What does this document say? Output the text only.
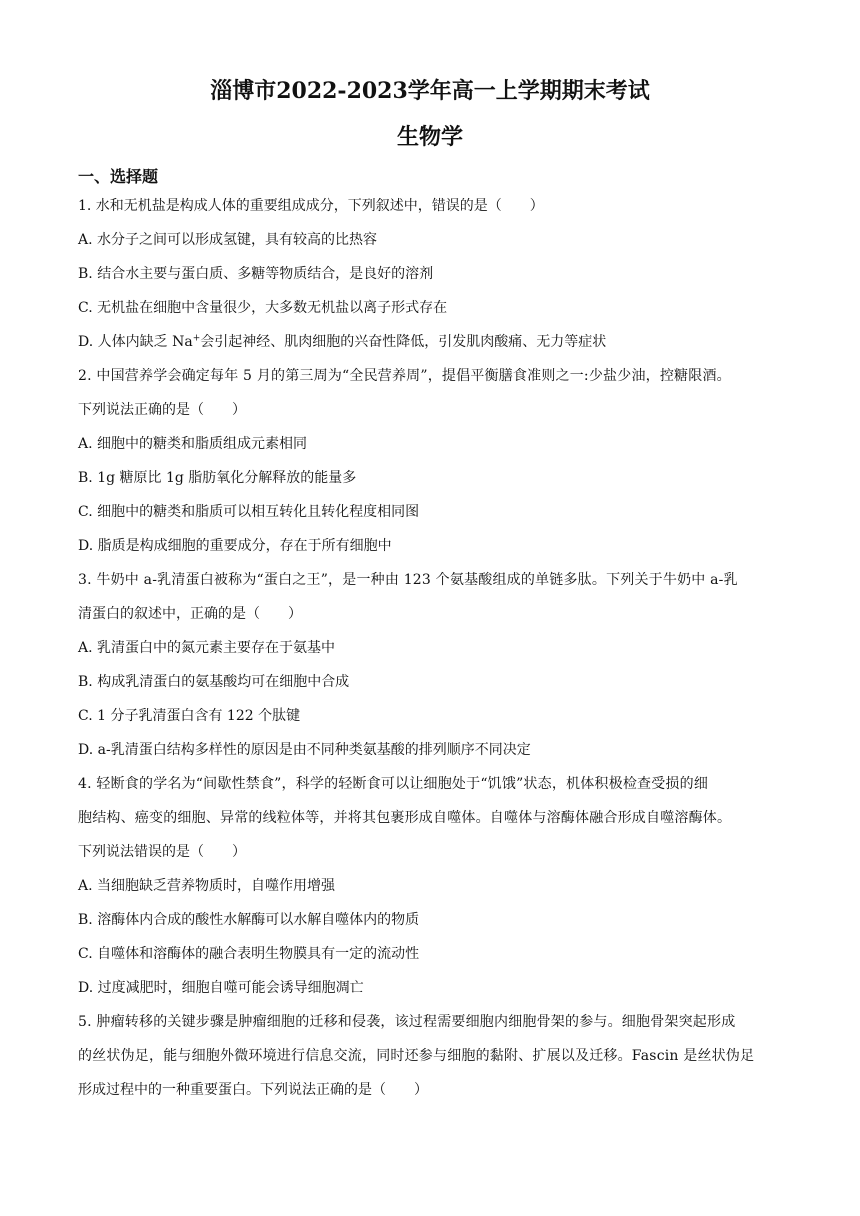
淄博市2022-2023学年高一上学期期末考试
生物学
一、选择题
1. 水和无机盐是构成人体的重要组成成分，下列叙述中，错误的是（　　）
A. 水分子之间可以形成氢键，具有较高的比热容
B. 结合水主要与蛋白质、多糖等物质结合，是良好的溶剂
C. 无机盐在细胞中含量很少，大多数无机盐以离子形式存在
D. 人体内缺乏 Na+会引起神经、肌肉细胞的兴奋性降低，引发肌肉酸痛、无力等症状
2. 中国营养学会确定每年 5 月的第三周为“全民营养周”，提倡平衡膳食准则之一:少盐少油，控糖限酒。
下列说法正确的是（　　）
A. 细胞中的糖类和脂质组成元素相同
B. 1g 糖原比 1g 脂肪氧化分解释放的能量多
C. 细胞中的糖类和脂质可以相互转化且转化程度相同图
D. 脂质是构成细胞的重要成分，存在于所有细胞中
3. 牛奶中 a-乳清蛋白被称为“蛋白之王”，是一种由 123 个氨基酸组成的单链多肽。下列关于牛奶中 a-乳
清蛋白的叙述中，正确的是（　　）
A. 乳清蛋白中的氮元素主要存在于氨基中
B. 构成乳清蛋白的氨基酸均可在细胞中合成
C. 1 分子乳清蛋白含有 122 个肽键
D. a-乳清蛋白结构多样性的原因是由不同种类氨基酸的排列顺序不同决定
4. 轻断食的学名为“间歇性禁食”，科学的轻断食可以让细胞处于“饥饿”状态，机体积极检查受损的细
胞结构、癌变的细胞、异常的线粒体等，并将其包裹形成自噬体。自噬体与溶酶体融合形成自噬溶酶体。
下列说法错误的是（　　）
A. 当细胞缺乏营养物质时，自噬作用增强
B. 溶酶体内合成的酸性水解酶可以水解自噬体内的物质
C. 自噬体和溶酶体的融合表明生物膜具有一定的流动性
D. 过度减肥时，细胞自噬可能会诱导细胞凋亡
5. 肿瘤转移的关键步骤是肿瘤细胞的迁移和侵袭，该过程需要细胞内细胞骨架的参与。细胞骨架突起形成
的丝状伪足，能与细胞外微环境进行信息交流，同时还参与细胞的黏附、扩展以及迁移。Fascin 是丝状伪足
形成过程中的一种重要蛋白。下列说法正确的是（　　）
